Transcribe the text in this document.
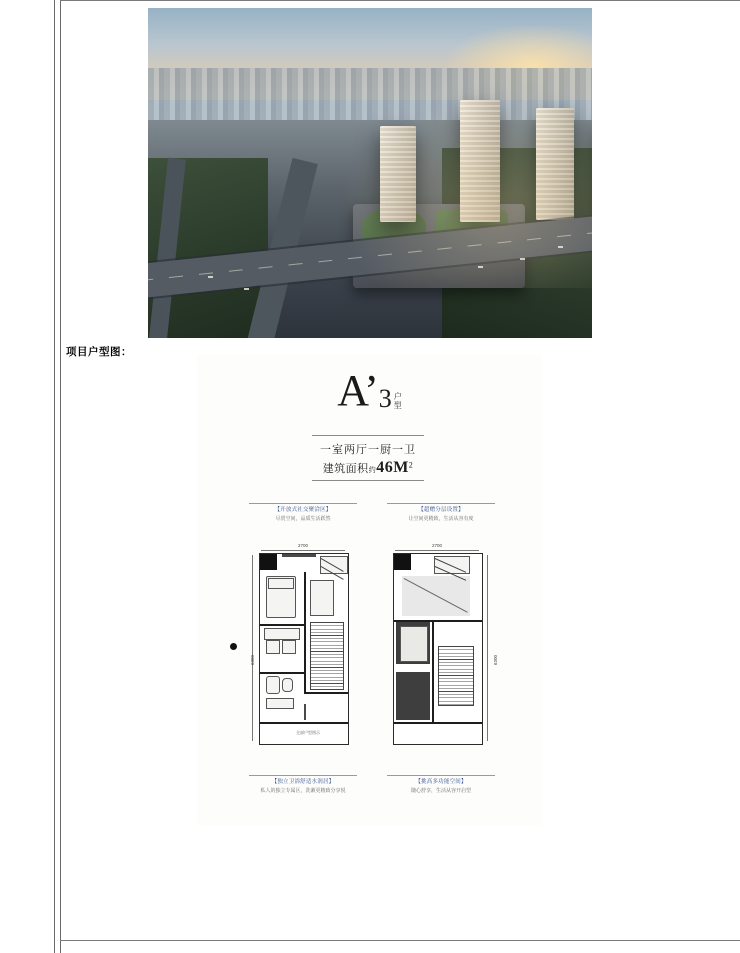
项目户型图：
A’3 户
型
一室两厅一厨一卫
建筑面积约$46M^2$
【开放式社交聚洽区】
尽赏空间，品质生活跃然
【超赠分层设置】
让空间更精致，生活从容有度
【独立卫浴舒适水润居】
私人的独立专属区，洗漱更精致分享悦
【挑高多功能空间】
随心舒享，生活从容开启型
2700	2700
6300	6300
全部户型图示
